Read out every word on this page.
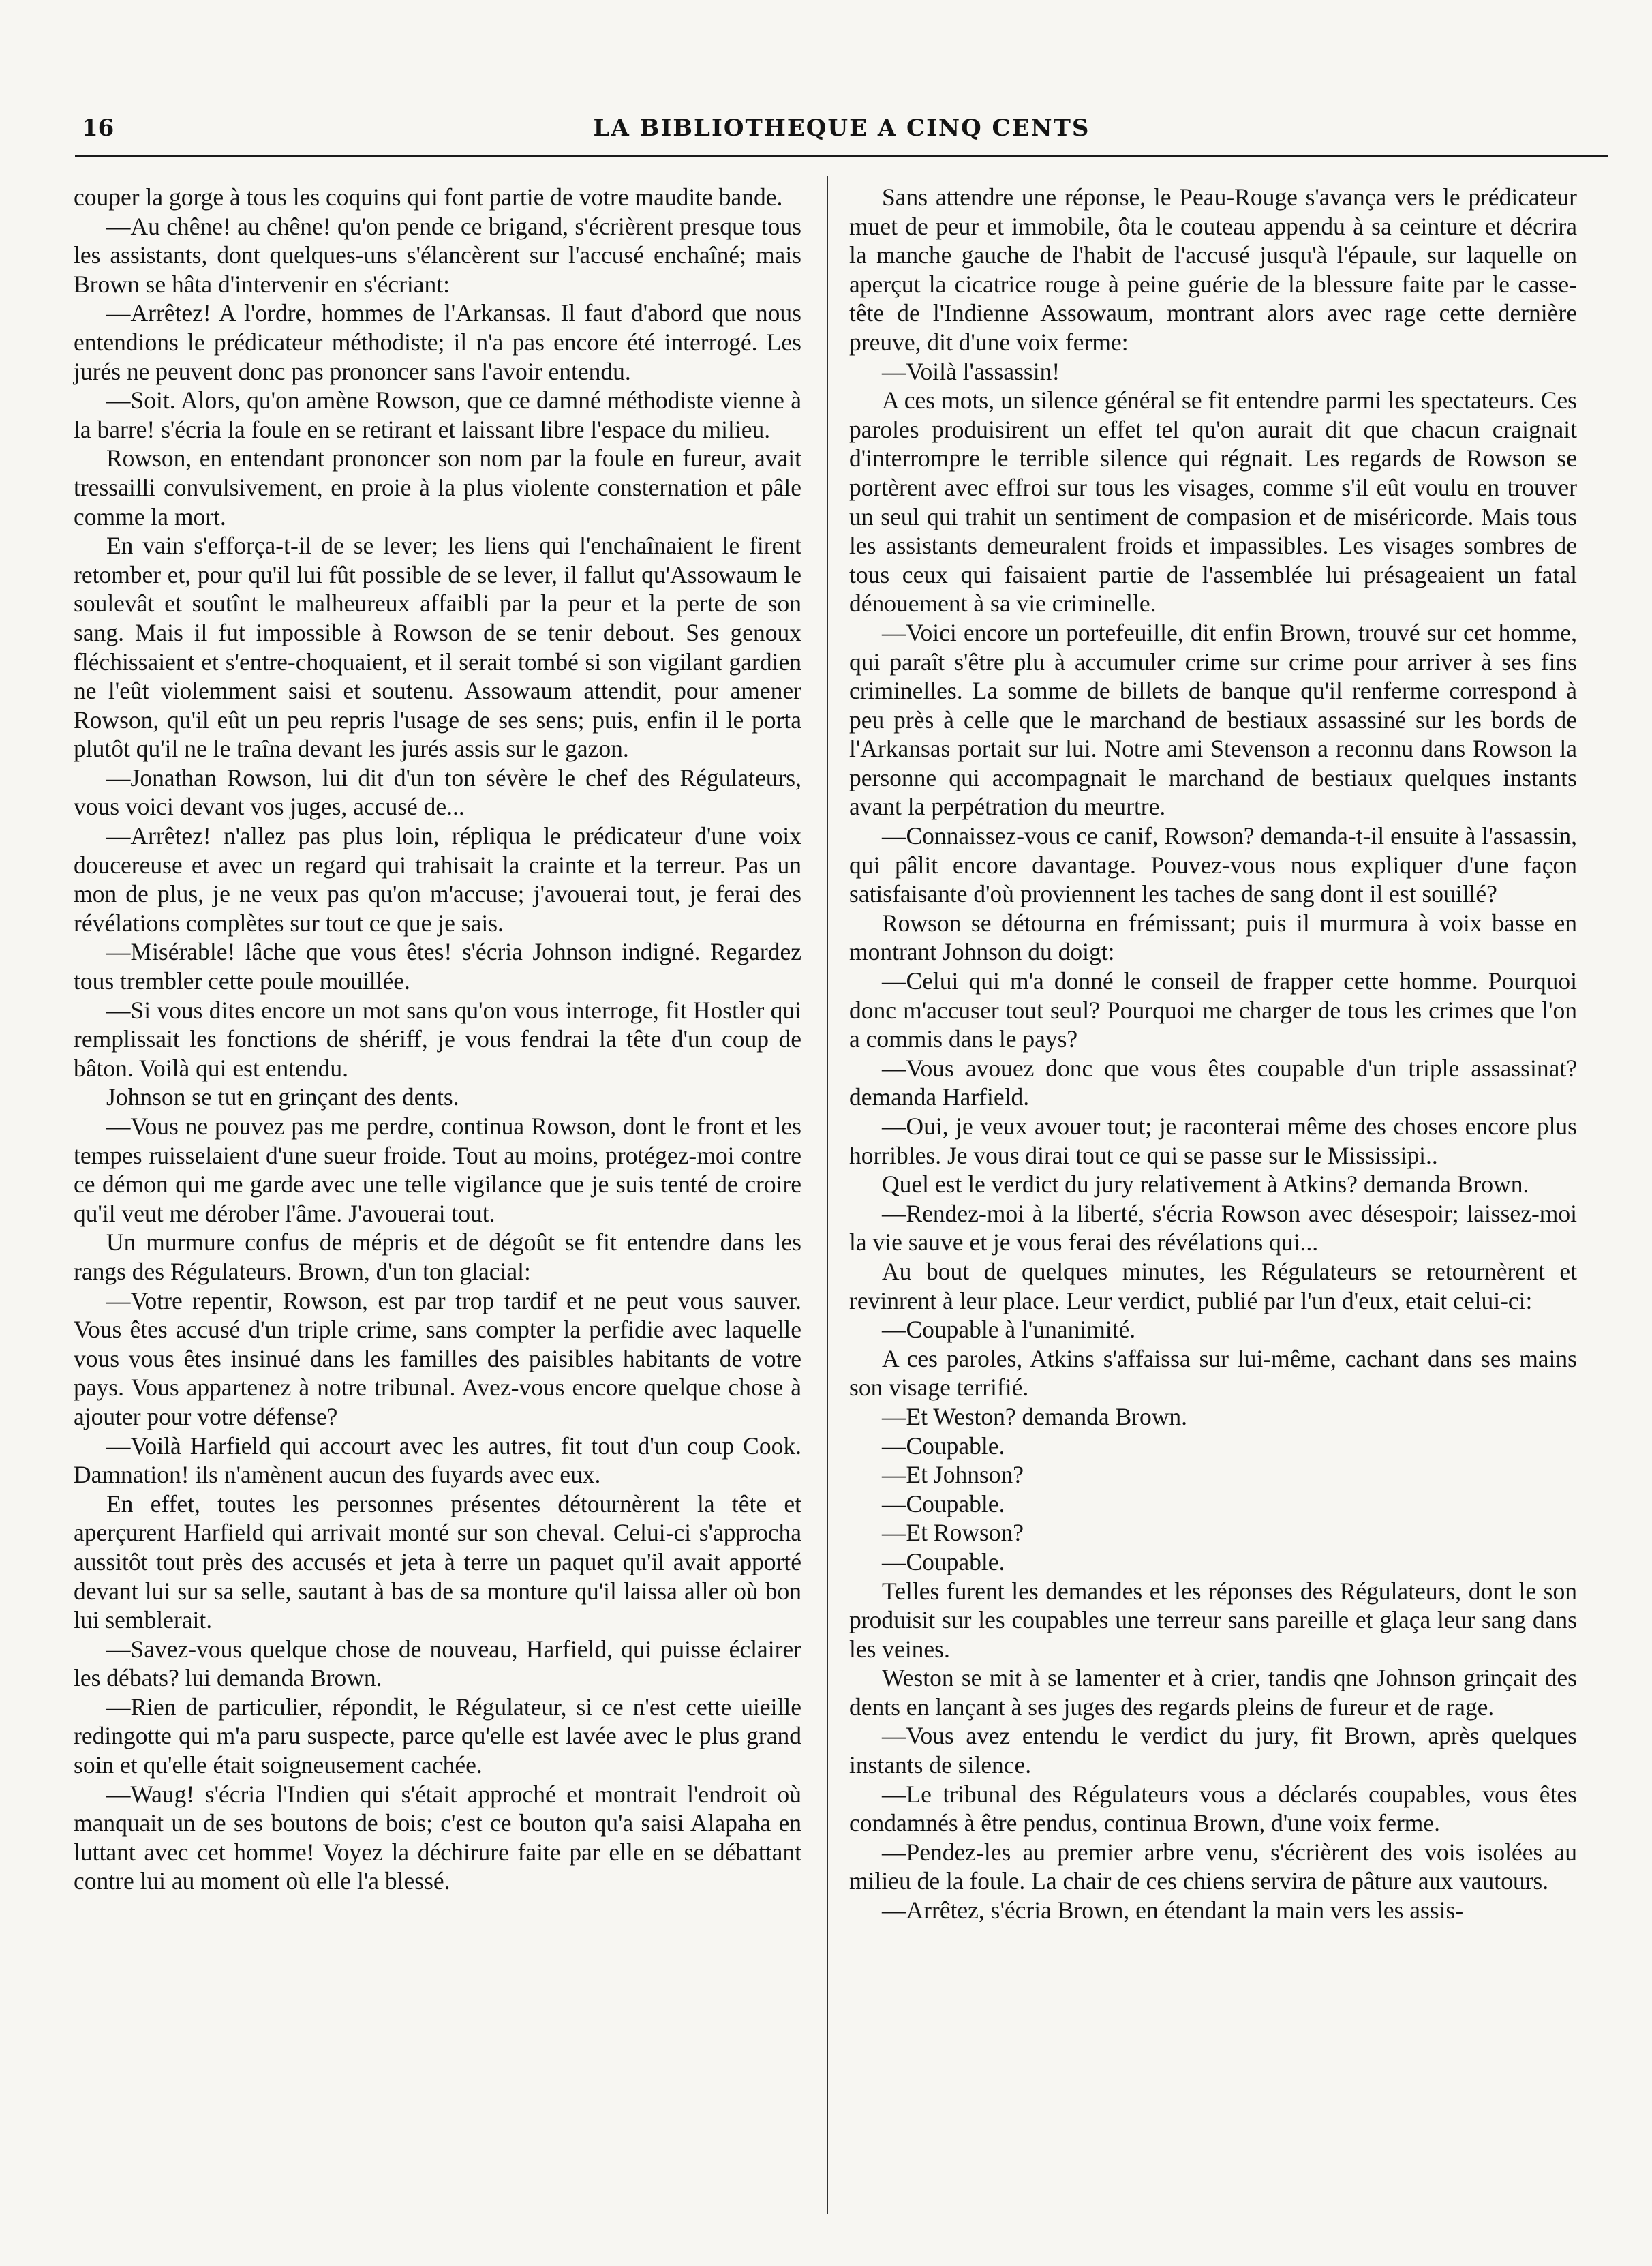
16	LA BIBLIOTHEQUE A CINQ CENTS

couper la gorge à tous les coquins qui font partie de votre maudite bande.

—Au chêne! au chêne! qu'on pende ce brigand, s'écrièrent presque tous les assistants, dont quelques-uns s'élancèrent sur l'accusé enchaîné; mais Brown se hâta d'intervenir en s'écriant:

—Arrêtez! A l'ordre, hommes de l'Arkansas. Il faut d'abord que nous entendions le prédicateur méthodiste; il n'a pas encore été interrogé. Les jurés ne peuvent donc pas prononcer sans l'avoir entendu.

—Soit. Alors, qu'on amène Rowson, que ce damné méthodiste vienne à la barre! s'écria la foule en se retirant et laissant libre l'espace du milieu.

Rowson, en entendant prononcer son nom par la foule en fureur, avait tressailli convulsivement, en proie à la plus violente consternation et pâle comme la mort.

En vain s'efforça-t-il de se lever; les liens qui l'enchaînaient le firent retomber et, pour qu'il lui fût possible de se lever, il fallut qu'Assowaum le soulevât et soutînt le malheureux affaibli par la peur et la perte de son sang. Mais il fut impossible à Rowson de se tenir debout. Ses genoux fléchissaient et s'entre-choquaient, et il serait tombé si son vigilant gardien ne l'eût violemment saisi et soutenu. Assowaum attendit, pour amener Rowson, qu'il eût un peu repris l'usage de ses sens; puis, enfin il le porta plutôt qu'il ne le traîna devant les jurés assis sur le gazon.

—Jonathan Rowson, lui dit d'un ton sévère le chef des Régulateurs, vous voici devant vos juges, accusé de...

—Arrêtez! n'allez pas plus loin, répliqua le prédicateur d'une voix doucereuse et avec un regard qui trahisait la crainte et la terreur. Pas un mon de plus, je ne veux pas qu'on m'accuse; j'avouerai tout, je ferai des révélations complètes sur tout ce que je sais.

—Misérable! lâche que vous êtes! s'écria Johnson indigné. Regardez tous trembler cette poule mouillée.

—Si vous dites encore un mot sans qu'on vous interroge, fit Hostler qui remplissait les fonctions de shériff, je vous fendrai la tête d'un coup de bâton. Voilà qui est entendu.

Johnson se tut en grinçant des dents.

—Vous ne pouvez pas me perdre, continua Rowson, dont le front et les tempes ruisselaient d'une sueur froide. Tout au moins, protégez-moi contre ce démon qui me garde avec une telle vigilance que je suis tenté de croire qu'il veut me dérober l'âme. J'avouerai tout.

Un murmure confus de mépris et de dégoût se fit entendre dans les rangs des Régulateurs. Brown, d'un ton glacial:

—Votre repentir, Rowson, est par trop tardif et ne peut vous sauver. Vous êtes accusé d'un triple crime, sans compter la perfidie avec laquelle vous vous êtes insinué dans les familles des paisibles habitants de votre pays. Vous appartenez à notre tribunal. Avez-vous encore quelque chose à ajouter pour votre défense?

—Voilà Harfield qui accourt avec les autres, fit tout d'un coup Cook. Damnation! ils n'amènent aucun des fuyards avec eux.

En effet, toutes les personnes présentes détournèrent la tête et aperçurent Harfield qui arrivait monté sur son cheval. Celui-ci s'approcha aussitôt tout près des accusés et jeta à terre un paquet qu'il avait apporté devant lui sur sa selle, sautant à bas de sa monture qu'il laissa aller où bon lui semblerait.

—Savez-vous quelque chose de nouveau, Harfield, qui puisse éclairer les débats? lui demanda Brown.

—Rien de particulier, répondit, le Régulateur, si ce n'est cette uieille redingotte qui m'a paru suspecte, parce qu'elle est lavée avec le plus grand soin et qu'elle était soigneusement cachée.

—Waug! s'écria l'Indien qui s'était approché et montrait l'endroit où manquait un de ses boutons de bois; c'est ce bouton qu'a saisi Alapaha en luttant avec cet homme! Voyez la déchirure faite par elle en se débattant contre lui au moment où elle l'a blessé.

Sans attendre une réponse, le Peau-Rouge s'avança vers le prédicateur muet de peur et immobile, ôta le couteau appendu à sa ceinture et décrira la manche gauche de l'habit de l'accusé jusqu'à l'épaule, sur laquelle on aperçut la cicatrice rouge à peine guérie de la blessure faite par le casse-tête de l'Indienne Assowaum, montrant alors avec rage cette dernière preuve, dit d'une voix ferme:

—Voilà l'assassin!

A ces mots, un silence général se fit entendre parmi les spectateurs. Ces paroles produisirent un effet tel qu'on aurait dit que chacun craignait d'interrompre le terrible silence qui régnait. Les regards de Rowson se portèrent avec effroi sur tous les visages, comme s'il eût voulu en trouver un seul qui trahit un sentiment de compasion et de miséricorde. Mais tous les assistants demeuralent froids et impassibles. Les visages sombres de tous ceux qui faisaient partie de l'assemblée lui présageaient un fatal dénouement à sa vie criminelle.

—Voici encore un portefeuille, dit enfin Brown, trouvé sur cet homme, qui paraît s'être plu à accumuler crime sur crime pour arriver à ses fins criminelles. La somme de billets de banque qu'il renferme correspond à peu près à celle que le marchand de bestiaux assassiné sur les bords de l'Arkansas portait sur lui. Notre ami Stevenson a reconnu dans Rowson la personne qui accompagnait le marchand de bestiaux quelques instants avant la perpétration du meurtre.

—Connaissez-vous ce canif, Rowson? demanda-t-il ensuite à l'assassin, qui pâlit encore davantage. Pouvez-vous nous expliquer d'une façon satisfaisante d'où proviennent les taches de sang dont il est souillé?

Rowson se détourna en frémissant; puis il murmura à voix basse en montrant Johnson du doigt:

—Celui qui m'a donné le conseil de frapper cette homme. Pourquoi donc m'accuser tout seul? Pourquoi me charger de tous les crimes que l'on a commis dans le pays?

—Vous avouez donc que vous êtes coupable d'un triple assassinat? demanda Harfield.

—Oui, je veux avouer tout; je raconterai même des choses encore plus horribles. Je vous dirai tout ce qui se passe sur le Mississipi..

Quel est le verdict du jury relativement à Atkins? demanda Brown.

—Rendez-moi à la liberté, s'écria Rowson avec désespoir; laissez-moi la vie sauve et je vous ferai des révélations qui...

Au bout de quelques minutes, les Régulateurs se retournèrent et revinrent à leur place. Leur verdict, publié par l'un d'eux, etait celui-ci:

—Coupable à l'unanimité.

A ces paroles, Atkins s'affaissa sur lui-même, cachant dans ses mains son visage terrifié.

—Et Weston? demanda Brown.

—Coupable.

—Et Johnson?

—Coupable.

—Et Rowson?

—Coupable.

Telles furent les demandes et les réponses des Régulateurs, dont le son produisit sur les coupables une terreur sans pareille et glaça leur sang dans les veines.

Weston se mit à se lamenter et à crier, tandis qne Johnson grinçait des dents en lançant à ses juges des regards pleins de fureur et de rage.

—Vous avez entendu le verdict du jury, fit Brown, après quelques instants de silence.

—Le tribunal des Régulateurs vous a déclarés coupables, vous êtes condamnés à être pendus, continua Brown, d'une voix ferme.

—Pendez-les au premier arbre venu, s'écrièrent des vois isolées au milieu de la foule. La chair de ces chiens servira de pâture aux vautours.

—Arrêtez, s'écria Brown, en étendant la main vers les assis-
